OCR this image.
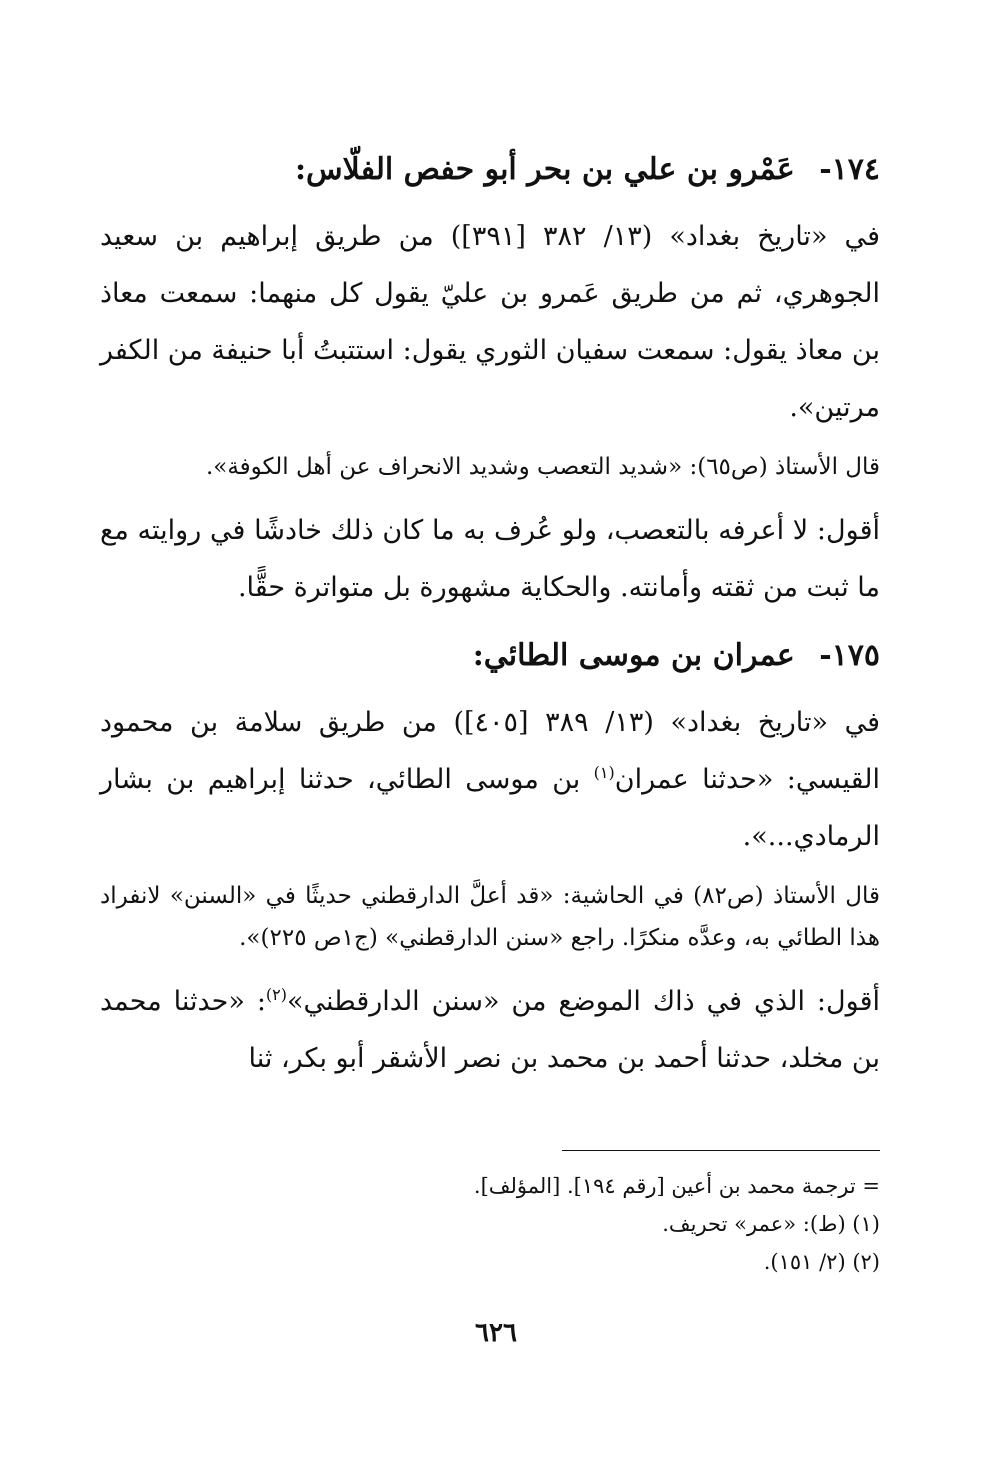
١٧٤- عَمْرو بن علي بن بحر أبو حفص الفلّاس:

في «تاريخ بغداد» (١٣/ ٣٨٢ [٣٩١]) من طريق إبراهيم بن سعيد الجوهري، ثم من طريق عَمرو بن عليّ يقول كل منهما: سمعت معاذ بن معاذ يقول: سمعت سفيان الثوري يقول: استتبتُ أبا حنيفة من الكفر مرتين».

قال الأستاذ (ص٦٥): «شديد التعصب وشديد الانحراف عن أهل الكوفة».

أقول: لا أعرفه بالتعصب، ولو عُرف به ما كان ذلك خادشًا في روايته مع ما ثبت من ثقته وأمانته. والحكاية مشهورة بل متواترة حقًّا.

١٧٥- عمران بن موسى الطائي:

في «تاريخ بغداد» (١٣/ ٣٨٩ [٤٠٥]) من طريق سلامة بن محمود القيسي: «حدثنا عمران$^{(١)}$ بن موسى الطائي، حدثنا إبراهيم بن بشار الرمادي...».

قال الأستاذ (ص٨٢) في الحاشية: «قد أعلَّ الدارقطني حديثًا في «السنن» لانفراد هذا الطائي به، وعدَّه منكرًا. راجع «سنن الدارقطني» (ج١ص ٢٢٥)».

أقول: الذي في ذاك الموضع من «سنن الدارقطني»$^{(٢)}$: «حدثنا محمد بن مخلد، حدثنا أحمد بن محمد بن نصر الأشقر أبو بكر، ثنا

= ترجمة محمد بن أعين [رقم ١٩٤]. [المؤلف].
(١) (ط): «عمر» تحريف.
(٢) (٢/ ١٥١).
٦٢٦
